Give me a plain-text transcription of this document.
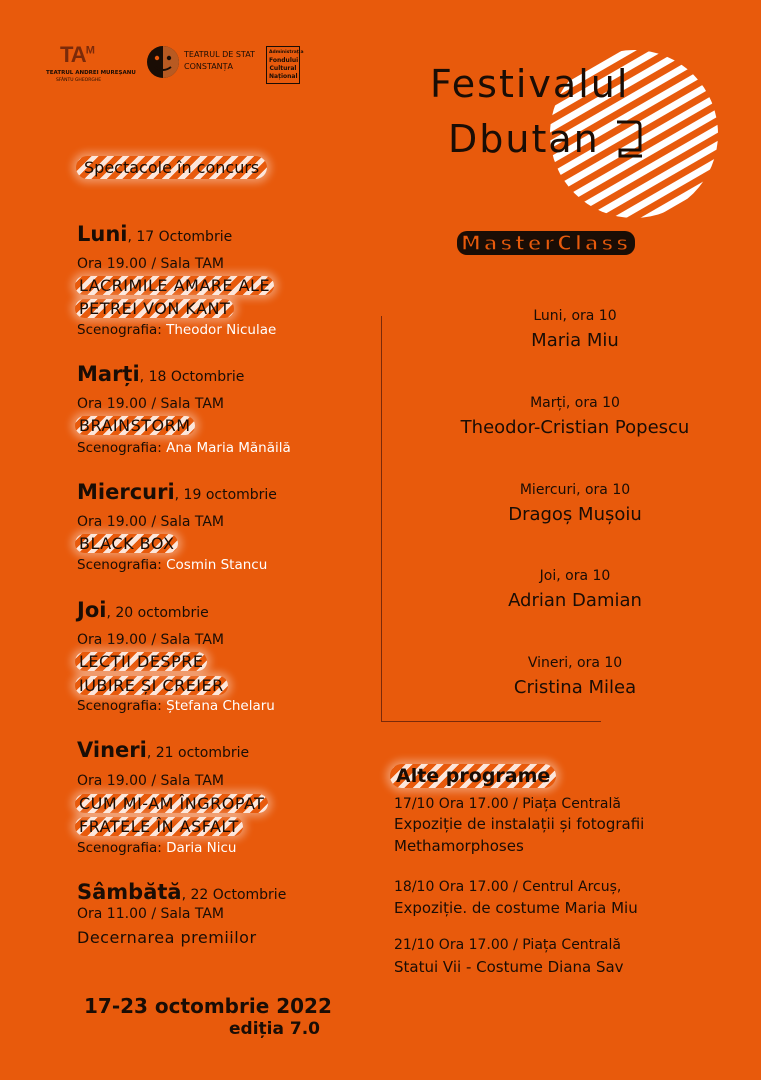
$TA^M$
TEATRUL ANDREI MUREȘANU
SFÂNTU GHEORGHE
TEATRUL DE STAT
CONSTANȚA
Administrația
Fondului
Cultural
Național	Festivalul
Dbutan
MasterClass
Spectacole în concurs
Luni, 17 Octombrie
Ora 19.00 / Sala TAM
LACRIMILE AMARE ALE
PETREI VON KANT
Scenografia: Theodor Niculae
Marți, 18 Octombrie
Ora 19.00 / Sala TAM
BRAINSTORM
Scenografia: Ana Maria Mănăilă
Miercuri, 19 octombrie
Ora 19.00 / Sala TAM
BLACK BOX
Scenografia: Cosmin Stancu
Joi, 20 octombrie
Ora 19.00 / Sala TAM
LECȚII DESPRE
IUBIRE ȘI CREIER
Scenografia: Ștefana Chelaru
Vineri, 21 octombrie
Ora 19.00 / Sala TAM
CUM MI-AM ÎNGROPAT
FRATELE ÎN ASFALT
Scenografia: Daria Nicu
Sâmbătă, 22 Octombrie
Ora 11.00 / Sala TAM
Decernarea premiilor
Luni, ora 10
Maria Miu
Marți, ora 10
Theodor-Cristian Popescu
Miercuri, ora 10
Dragoș Mușoiu
Joi, ora 10
Adrian Damian
Vineri, ora 10
Cristina Milea
Alte programe
17/10 Ora 17.00 / Piața Centrală
Expoziție de instalații și fotografii
Methamorphoses
18/10 Ora 17.00 / Centrul Arcuș,
Expoziție. de costume Maria Miu
21/10 Ora 17.00 / Piața Centrală
Statui Vii - Costume Diana Sav
17-23 octombrie 2022
ediția 7.0
